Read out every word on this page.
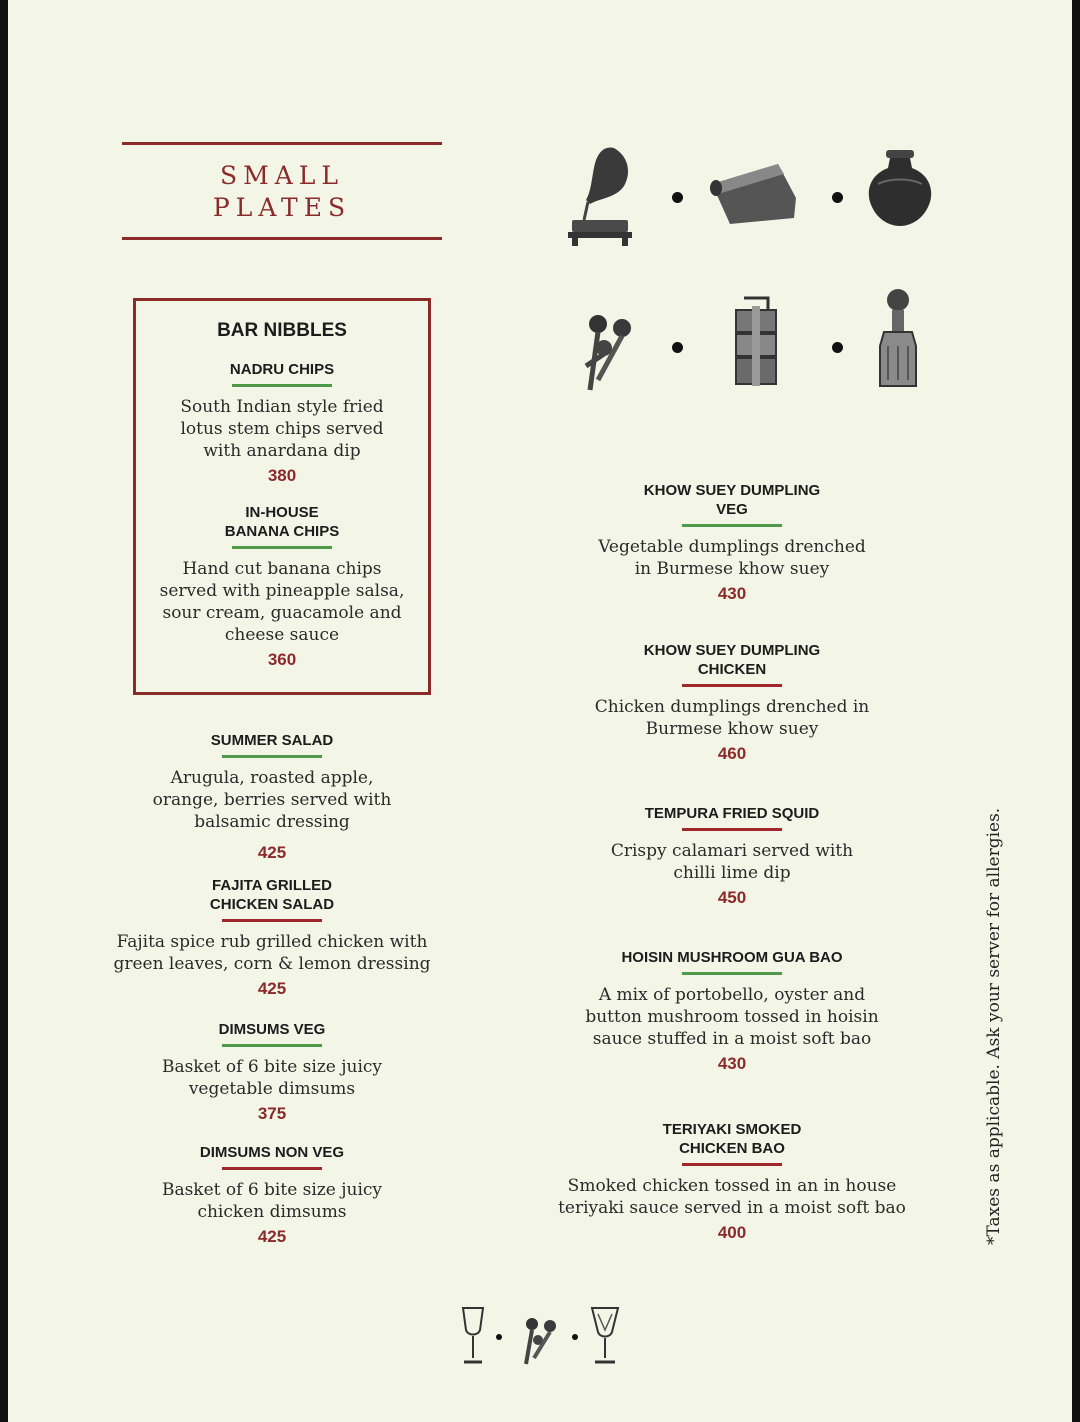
SMALL
PLATES
BAR NIBBLES
NADRU CHIPS
South Indian style fried
lotus stem chips served
with anardana dip
380
IN-HOUSE
BANANA CHIPS
Hand cut banana chips
served with pineapple salsa,
sour cream, guacamole and
cheese sauce
360
SUMMER SALAD
Arugula, roasted apple,
orange, berries served with
balsamic dressing
425
FAJITA GRILLED
CHICKEN SALAD
Fajita spice rub grilled chicken with
green leaves, corn & lemon dressing
425
DIMSUMS VEG
Basket of 6 bite size juicy
vegetable dimsums
375
DIMSUMS NON VEG
Basket of 6 bite size juicy
chicken dimsums
425
KHOW SUEY DUMPLING
VEG
Vegetable dumplings drenched
in Burmese khow suey
430
KHOW SUEY DUMPLING
CHICKEN
Chicken dumplings drenched in
Burmese khow suey
460
TEMPURA FRIED SQUID
Crispy calamari served with
chilli lime dip
450
HOISIN MUSHROOM GUA BAO
A mix of portobello, oyster and
button mushroom tossed in hoisin
sauce stuffed in a moist soft bao
430
TERIYAKI SMOKED
CHICKEN BAO
Smoked chicken tossed in an in house
teriyaki sauce served in a moist soft bao
400	*Taxes as applicable. Ask your server for allergies.
